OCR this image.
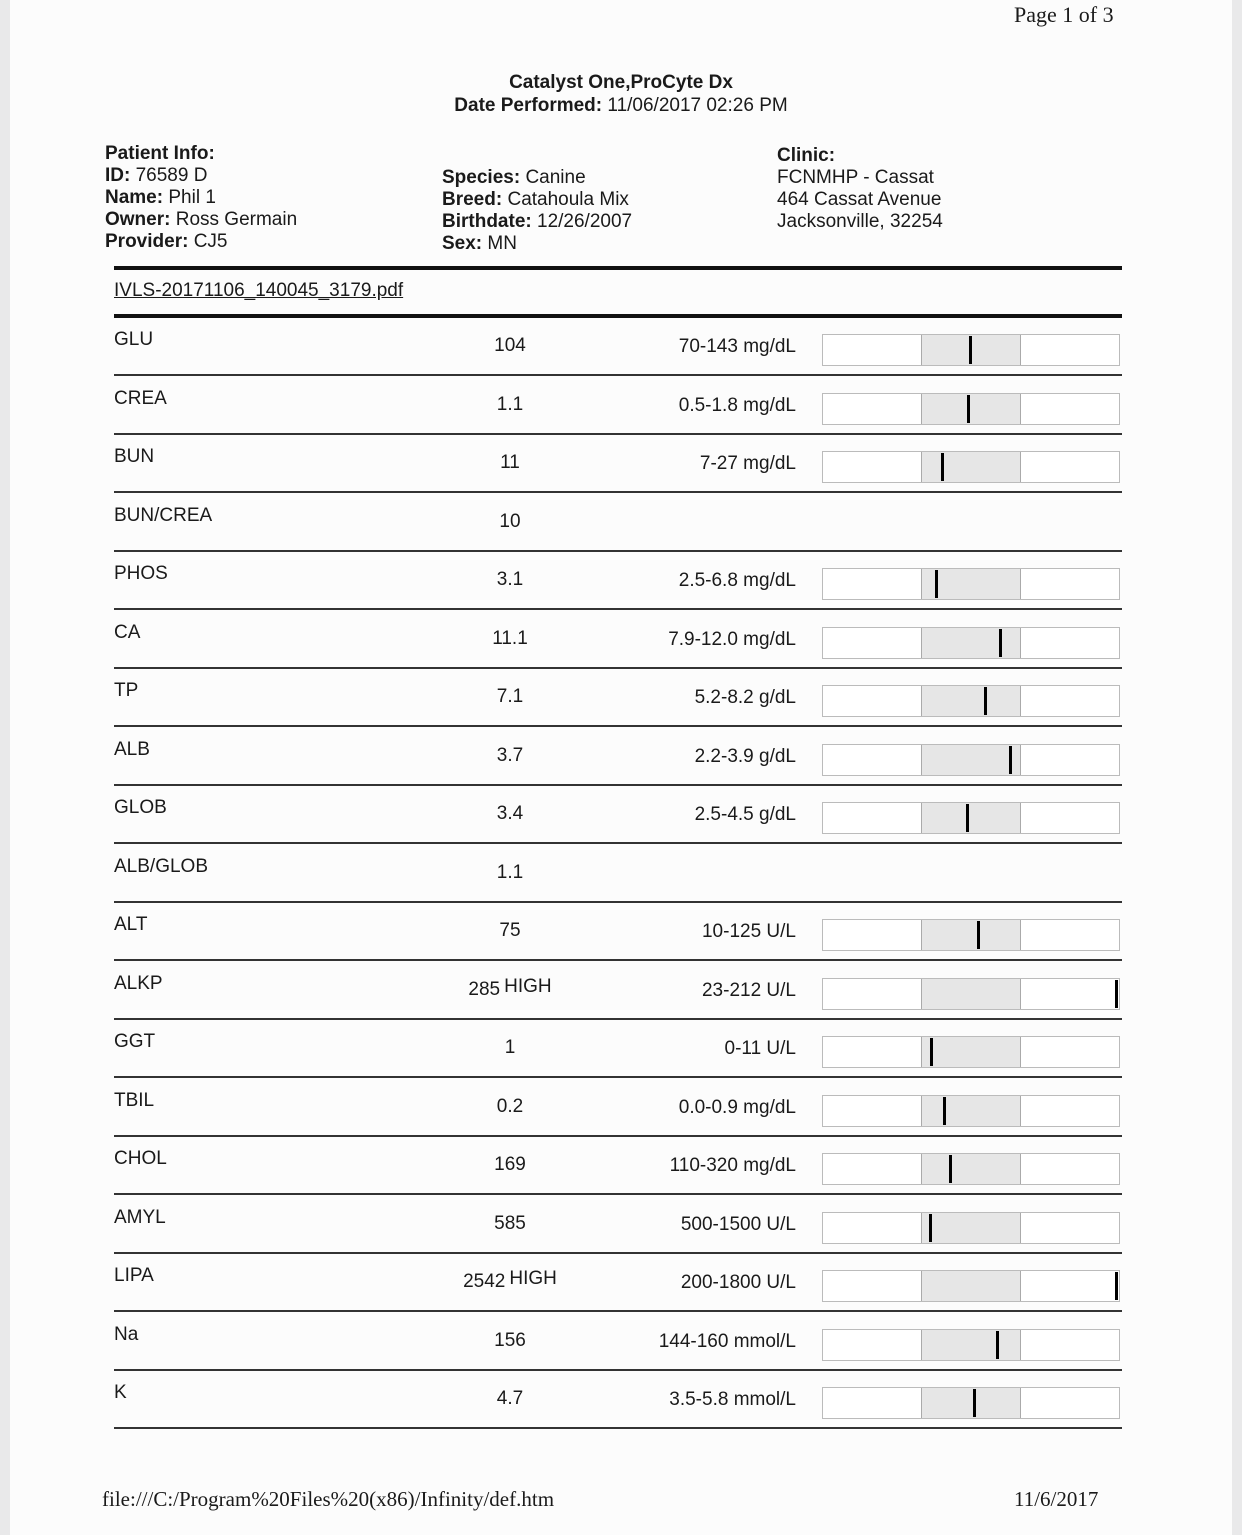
Page 1 of 3
Catalyst One,ProCyte Dx
Date Performed: 11/06/2017 02:26 PM
Patient Info:
ID: 76589 D
Name: Phil 1
Owner: Ross Germain
Provider: CJ5
Species: Canine
Breed: Catahoula Mix
Birthdate: 12/26/2007
Sex: MN
Clinic:
FCNMHP - Cassat
464 Cassat Avenue
Jacksonville, 32254
IVLS-20171106_140045_3179.pdf
GLU	104	70-143 mg/dL
CREA	1.1	0.5-1.8 mg/dL
BUN	11	7-27 mg/dL
BUN/CREA	10
PHOS	3.1	2.5-6.8 mg/dL
CA	11.1	7.9-12.0 mg/dL
TP	7.1	5.2-8.2 g/dL
ALB	3.7	2.2-3.9 g/dL
GLOB	3.4	2.5-4.5 g/dL
ALB/GLOB	1.1
ALT	75	10-125 U/L
ALKP	285 HIGH	23-212 U/L
GGT	1	0-11 U/L
TBIL	0.2	0.0-0.9 mg/dL
CHOL	169	110-320 mg/dL
AMYL	585	500-1500 U/L
LIPA	2542 HIGH	200-1800 U/L
Na	156	144-160 mmol/L
K	4.7	3.5-5.8 mmol/L
file:///C:/Program%20Files%20(x86)/Infinity/def.htm	11/6/2017
